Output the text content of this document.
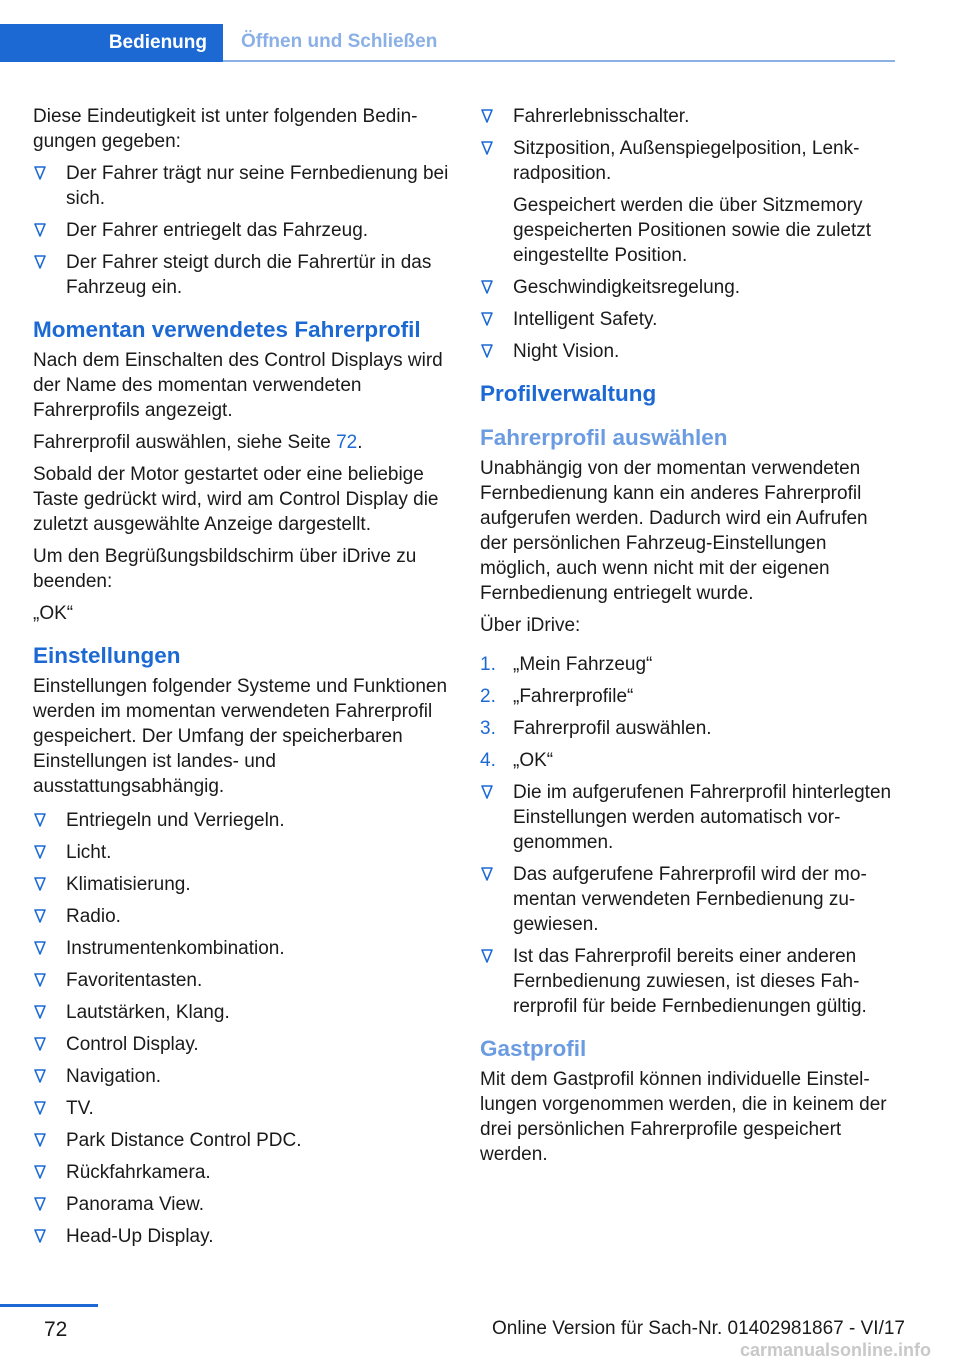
Bedienung	Öffnen und Schließen

Diese Eindeutigkeit ist unter folgenden Bedingungen gegeben:

Der Fahrer trägt nur seine Fernbedienung bei sich.
Der Fahrer entriegelt das Fahrzeug.
Der Fahrer steigt durch die Fahrertür in das Fahrzeug ein.
Momentan verwendetes Fahrerprofil

Nach dem Einschalten des Control Displays wird der Name des momentan verwendeten Fahrerprofils angezeigt.

Fahrerprofil auswählen, siehe Seite 72.

Sobald der Motor gestartet oder eine beliebige Taste gedrückt wird, wird am Control Display die zuletzt ausgewählte Anzeige dargestellt.

Um den Begrüßungsbildschirm über iDrive zu beenden:

„OK“

Einstellungen

Einstellungen folgender Systeme und Funktionen werden im momentan verwendeten Fahrerprofil gespeichert. Der Umfang der speicherbaren Einstellungen ist landes- und ausstattungsabhängig.

Entriegeln und Verriegeln.
Licht.
Klimatisierung.
Radio.
Instrumentenkombination.
Favoritentasten.
Lautstärken, Klang.
Control Display.
Navigation.
TV.
Park Distance Control PDC.
Rückfahrkamera.
Panorama View.
Head-Up Display.
Fahrerlebnisschalter.
Sitzposition, Außenspiegelposition, Lenkradposition.
Gespeichert werden die über Sitzmemory gespeicherten Positionen sowie die zuletzt eingestellte Position.
Geschwindigkeitsregelung.
Intelligent Safety.
Night Vision.
Profilverwaltung
Fahrerprofil auswählen

Unabhängig von der momentan verwendeten Fernbedienung kann ein anderes Fahrerprofil aufgerufen werden. Dadurch wird ein Aufrufen der persönlichen Fahrzeug-Einstellungen möglich, auch wenn nicht mit der eigenen Fernbedienung entriegelt wurde.

Über iDrive:

1. „Mein Fahrzeug“
2. „Fahrerprofile“
3. Fahrerprofil auswählen.
4. „OK“
Die im aufgerufenen Fahrerprofil hinterlegten Einstellungen werden automatisch vorgenommen.
Das aufgerufene Fahrerprofil wird der momentan verwendeten Fernbedienung zugewiesen.
Ist das Fahrerprofil bereits einer anderen Fernbedienung zuwiesen, ist dieses Fahrerprofil für beide Fernbedienungen gültig.
Gastprofil

Mit dem Gastprofil können individuelle Einstellungen vorgenommen werden, die in keinem der drei persönlichen Fahrerprofile gespeichert werden.

72	Online Version für Sach-Nr. 01402981867 - VI/17
carmanualsonline.info
